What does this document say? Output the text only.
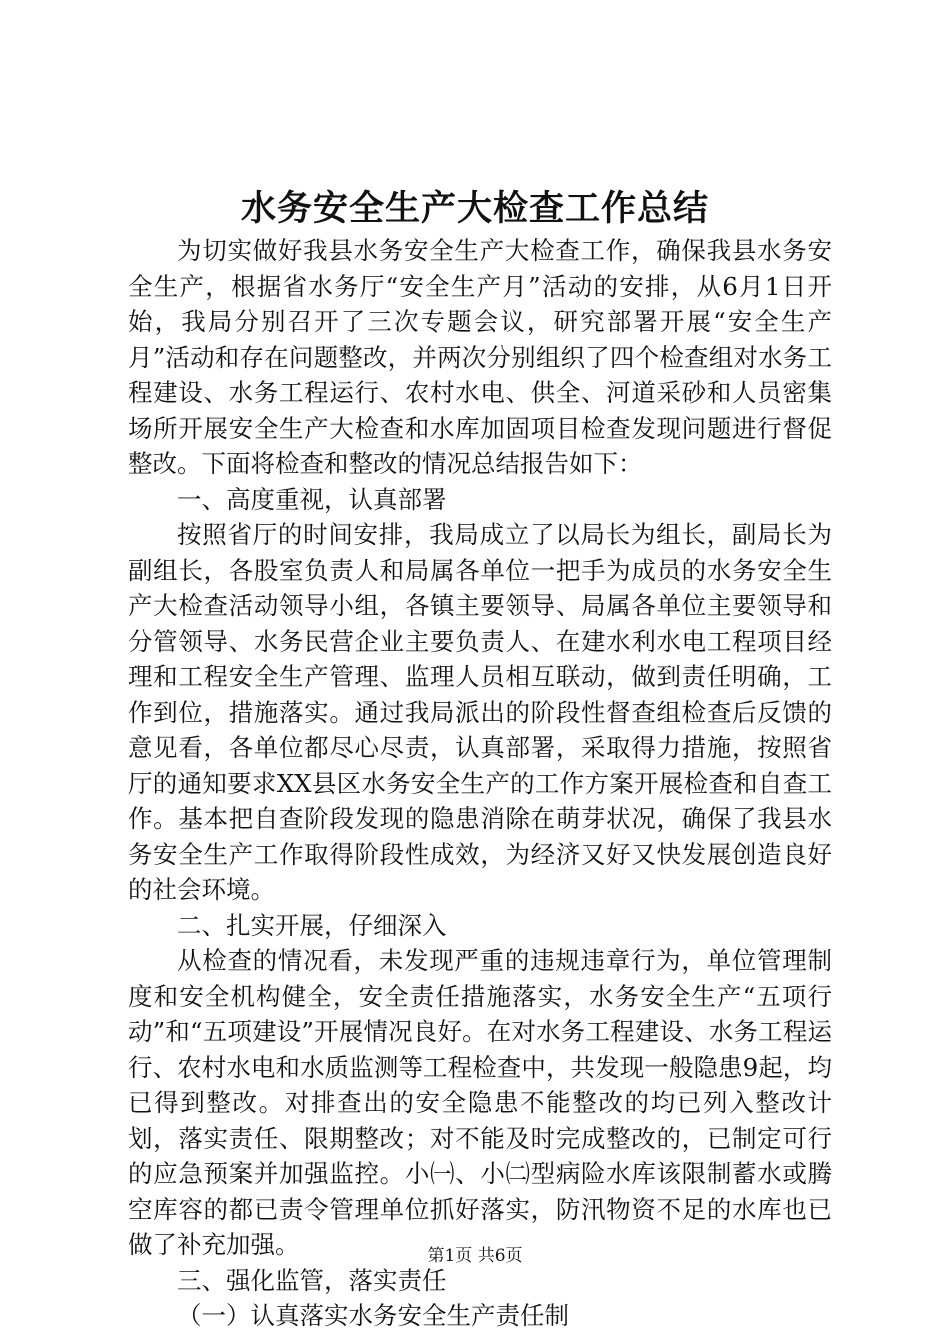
水务安全生产大检查工作总结

为切实做好我县水务安全生产大检查工作，确保我县水务安全生产，根据省水务厅“安全生产月”活动的安排，从6月1日开始，我局分别召开了三次专题会议，研究部署开展“安全生产月”活动和存在问题整改，并两次分别组织了四个检查组对水务工程建设、水务工程运行、农村水电、供全、河道采砂和人员密集场所开展安全生产大检查和水库加固项目检查发现问题进行督促整改。下面将检查和整改的情况总结报告如下：

一、高度重视，认真部署

按照省厅的时间安排，我局成立了以局长为组长，副局长为副组长，各股室负责人和局属各单位一把手为成员的水务安全生产大检查活动领导小组，各镇主要领导、局属各单位主要领导和分管领导、水务民营企业主要负责人、在建水利水电工程项目经理和工程安全生产管理、监理人员相互联动，做到责任明确，工作到位，措施落实。通过我局派出的阶段性督查组检查后反馈的意见看，各单位都尽心尽责，认真部署，采取得力措施，按照省厅的通知要求XX县区水务安全生产的工作方案开展检查和自查工作。基本把自查阶段发现的隐患消除在萌芽状况，确保了我县水务安全生产工作取得阶段性成效，为经济又好又快发展创造良好的社会环境。

二、扎实开展，仔细深入

从检查的情况看，未发现严重的违规违章行为，单位管理制度和安全机构健全，安全责任措施落实，水务安全生产“五项行动”和“五项建设”开展情况良好。在对水务工程建设、水务工程运行、农村水电和水质监测等工程检查中，共发现一般隐患9起，均已得到整改。对排查出的安全隐患不能整改的均已列入整改计划，落实责任、限期整改；对不能及时完成整改的，已制定可行的应急预案并加强监控。小㈠、小㈡型病险水库该限制蓄水或腾空库容的都已责令管理单位抓好落实，防汛物资不足的水库也已做了补充加强。

三、强化监管，落实责任

（一）认真落实水务安全生产责任制

第1页 共6页
